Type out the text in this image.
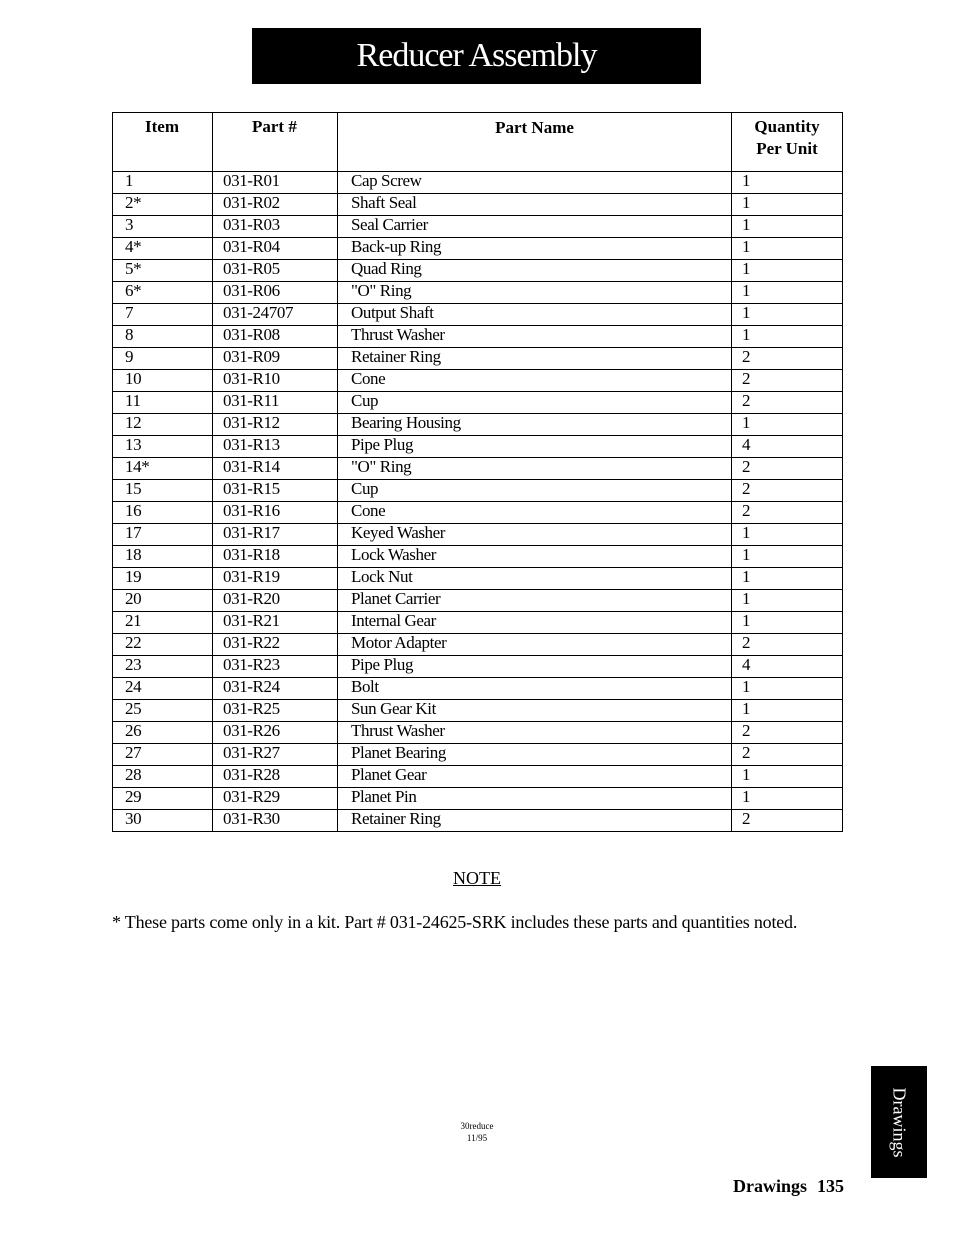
Reducer Assembly
Item	Part #	Part Name	Quantity
Per Unit
1	031-R01	Cap Screw	1
2*	031-R02	Shaft Seal	1
3	031-R03	Seal Carrier	1
4*	031-R04	Back-up Ring	1
5*	031-R05	Quad Ring	1
6*	031-R06	"O" Ring	1
7	031-24707	Output Shaft	1
8	031-R08	Thrust Washer	1
9	031-R09	Retainer Ring	2
10	031-R10	Cone	2
11	031-R11	Cup	2
12	031-R12	Bearing Housing	1
13	031-R13	Pipe Plug	4
14*	031-R14	"O" Ring	2
15	031-R15	Cup	2
16	031-R16	Cone	2
17	031-R17	Keyed Washer	1
18	031-R18	Lock Washer	1
19	031-R19	Lock Nut	1
20	031-R20	Planet Carrier	1
21	031-R21	Internal Gear	1
22	031-R22	Motor Adapter	2
23	031-R23	Pipe Plug	4
24	031-R24	Bolt	1
25	031-R25	Sun Gear Kit	1
26	031-R26	Thrust Washer	2
27	031-R27	Planet Bearing	2
28	031-R28	Planet Gear	1
29	031-R29	Planet Pin	1
30	031-R30	Retainer Ring	2
NOTE
* These parts come only in a kit. Part # 031-24625-SRK includes these parts and quantities noted.
Drawings
30reduce
11/95
Drawings 135
